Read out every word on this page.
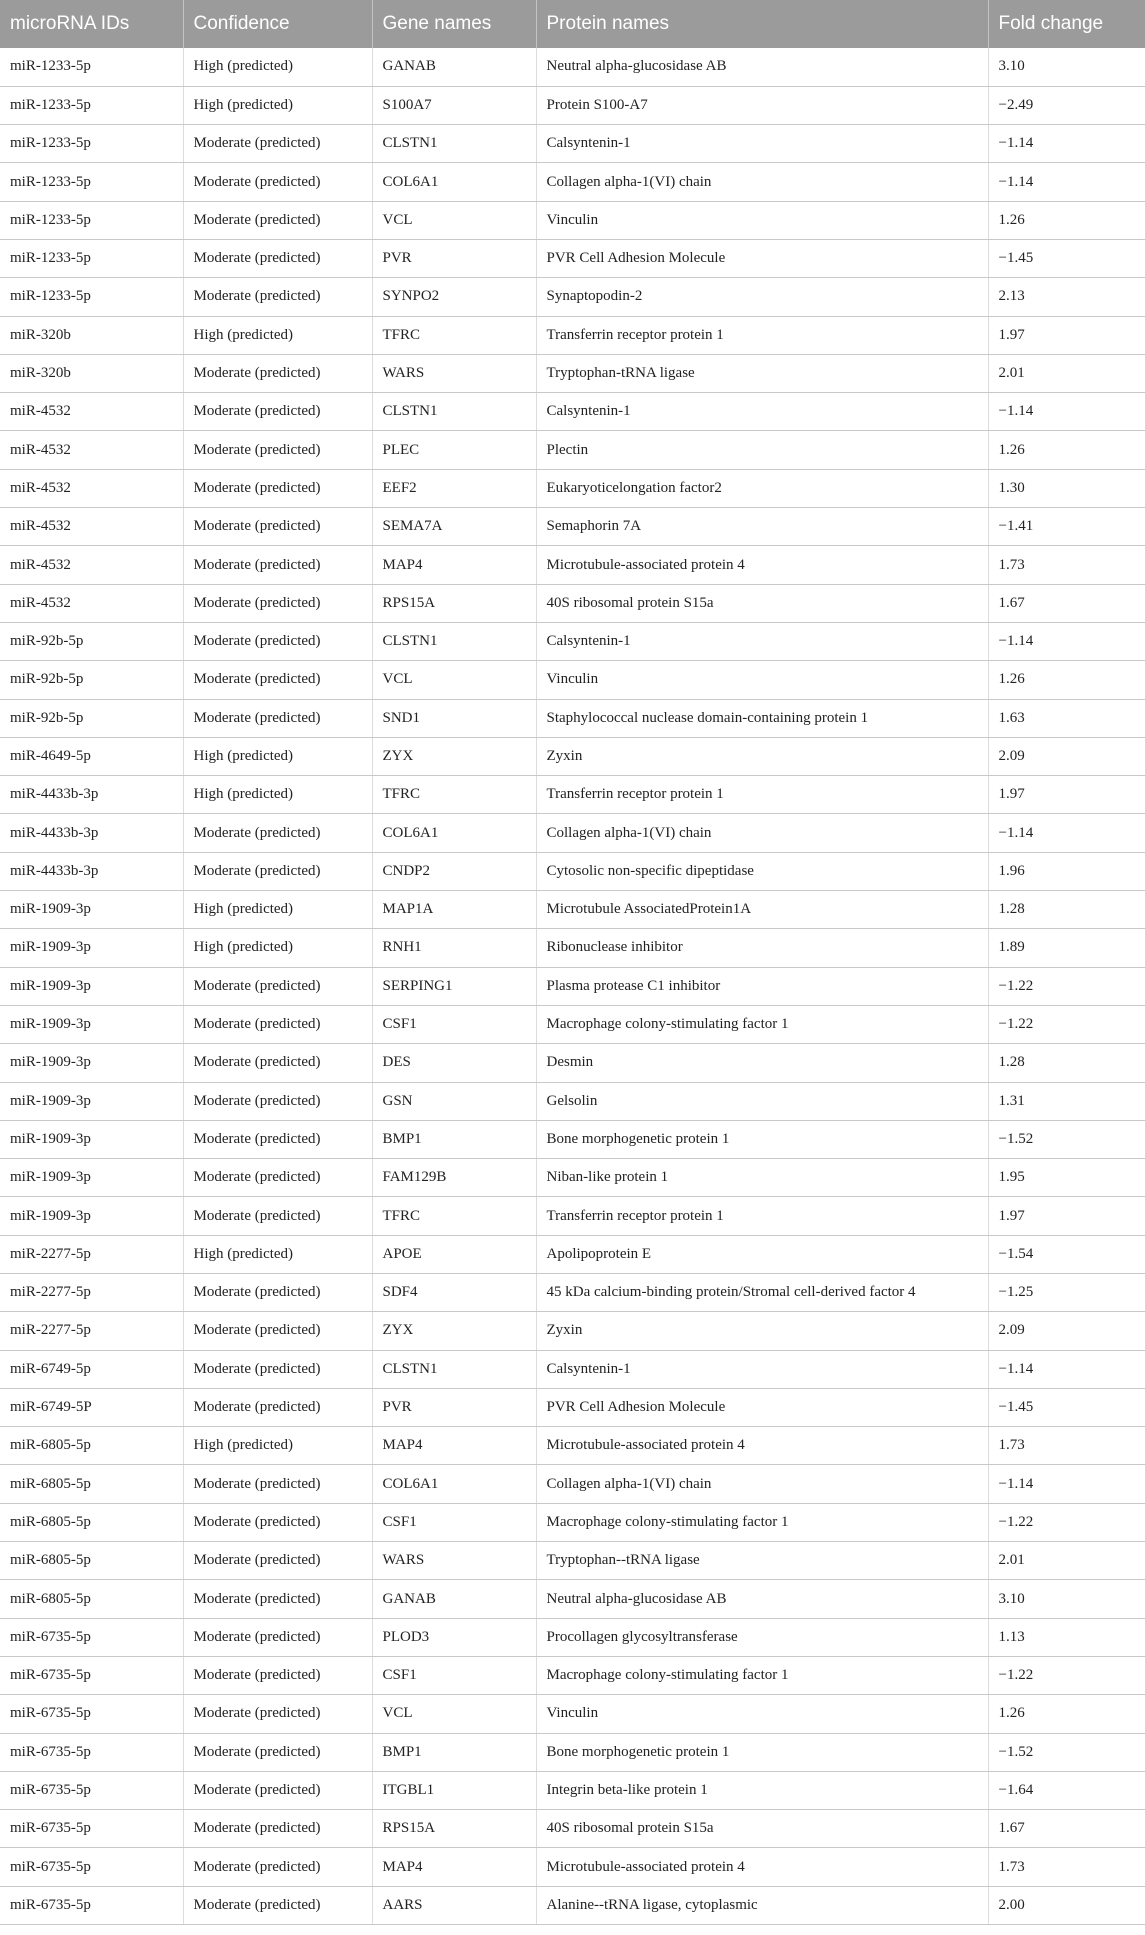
microRNA IDs	Confidence	Gene names	Protein names	Fold change
miR-1233-5p	High (predicted)	GANAB	Neutral alpha-glucosidase AB	3.10
miR-1233-5p	High (predicted)	S100A7	Protein S100-A7	−2.49
miR-1233-5p	Moderate (predicted)	CLSTN1	Calsyntenin-1	−1.14
miR-1233-5p	Moderate (predicted)	COL6A1	Collagen alpha-1(VI) chain	−1.14
miR-1233-5p	Moderate (predicted)	VCL	Vinculin	1.26
miR-1233-5p	Moderate (predicted)	PVR	PVR Cell Adhesion Molecule	−1.45
miR-1233-5p	Moderate (predicted)	SYNPO2	Synaptopodin-2	2.13
miR-320b	High (predicted)	TFRC	Transferrin receptor protein 1	1.97
miR-320b	Moderate (predicted)	WARS	Tryptophan-tRNA ligase	2.01
miR-4532	Moderate (predicted)	CLSTN1	Calsyntenin-1	−1.14
miR-4532	Moderate (predicted)	PLEC	Plectin	1.26
miR-4532	Moderate (predicted)	EEF2	Eukaryoticelongation factor2	1.30
miR-4532	Moderate (predicted)	SEMA7A	Semaphorin 7A	−1.41
miR-4532	Moderate (predicted)	MAP4	Microtubule-associated protein 4	1.73
miR-4532	Moderate (predicted)	RPS15A	40S ribosomal protein S15a	1.67
miR-92b-5p	Moderate (predicted)	CLSTN1	Calsyntenin-1	−1.14
miR-92b-5p	Moderate (predicted)	VCL	Vinculin	1.26
miR-92b-5p	Moderate (predicted)	SND1	Staphylococcal nuclease domain-containing protein 1	1.63
miR-4649-5p	High (predicted)	ZYX	Zyxin	2.09
miR-4433b-3p	High (predicted)	TFRC	Transferrin receptor protein 1	1.97
miR-4433b-3p	Moderate (predicted)	COL6A1	Collagen alpha-1(VI) chain	−1.14
miR-4433b-3p	Moderate (predicted)	CNDP2	Cytosolic non-specific dipeptidase	1.96
miR-1909-3p	High (predicted)	MAP1A	Microtubule AssociatedProtein1A	1.28
miR-1909-3p	High (predicted)	RNH1	Ribonuclease inhibitor	1.89
miR-1909-3p	Moderate (predicted)	SERPING1	Plasma protease C1 inhibitor	−1.22
miR-1909-3p	Moderate (predicted)	CSF1	Macrophage colony-stimulating factor 1	−1.22
miR-1909-3p	Moderate (predicted)	DES	Desmin	1.28
miR-1909-3p	Moderate (predicted)	GSN	Gelsolin	1.31
miR-1909-3p	Moderate (predicted)	BMP1	Bone morphogenetic protein 1	−1.52
miR-1909-3p	Moderate (predicted)	FAM129B	Niban-like protein 1	1.95
miR-1909-3p	Moderate (predicted)	TFRC	Transferrin receptor protein 1	1.97
miR-2277-5p	High (predicted)	APOE	Apolipoprotein E	−1.54
miR-2277-5p	Moderate (predicted)	SDF4	45 kDa calcium-binding protein/Stromal cell-derived factor 4	−1.25
miR-2277-5p	Moderate (predicted)	ZYX	Zyxin	2.09
miR-6749-5p	Moderate (predicted)	CLSTN1	Calsyntenin-1	−1.14
miR-6749-5P	Moderate (predicted)	PVR	PVR Cell Adhesion Molecule	−1.45
miR-6805-5p	High (predicted)	MAP4	Microtubule-associated protein 4	1.73
miR-6805-5p	Moderate (predicted)	COL6A1	Collagen alpha-1(VI) chain	−1.14
miR-6805-5p	Moderate (predicted)	CSF1	Macrophage colony-stimulating factor 1	−1.22
miR-6805-5p	Moderate (predicted)	WARS	Tryptophan--tRNA ligase	2.01
miR-6805-5p	Moderate (predicted)	GANAB	Neutral alpha-glucosidase AB	3.10
miR-6735-5p	Moderate (predicted)	PLOD3	Procollagen glycosyltransferase	1.13
miR-6735-5p	Moderate (predicted)	CSF1	Macrophage colony-stimulating factor 1	−1.22
miR-6735-5p	Moderate (predicted)	VCL	Vinculin	1.26
miR-6735-5p	Moderate (predicted)	BMP1	Bone morphogenetic protein 1	−1.52
miR-6735-5p	Moderate (predicted)	ITGBL1	Integrin beta-like protein 1	−1.64
miR-6735-5p	Moderate (predicted)	RPS15A	40S ribosomal protein S15a	1.67
miR-6735-5p	Moderate (predicted)	MAP4	Microtubule-associated protein 4	1.73
miR-6735-5p	Moderate (predicted)	AARS	Alanine--tRNA ligase, cytoplasmic	2.00
